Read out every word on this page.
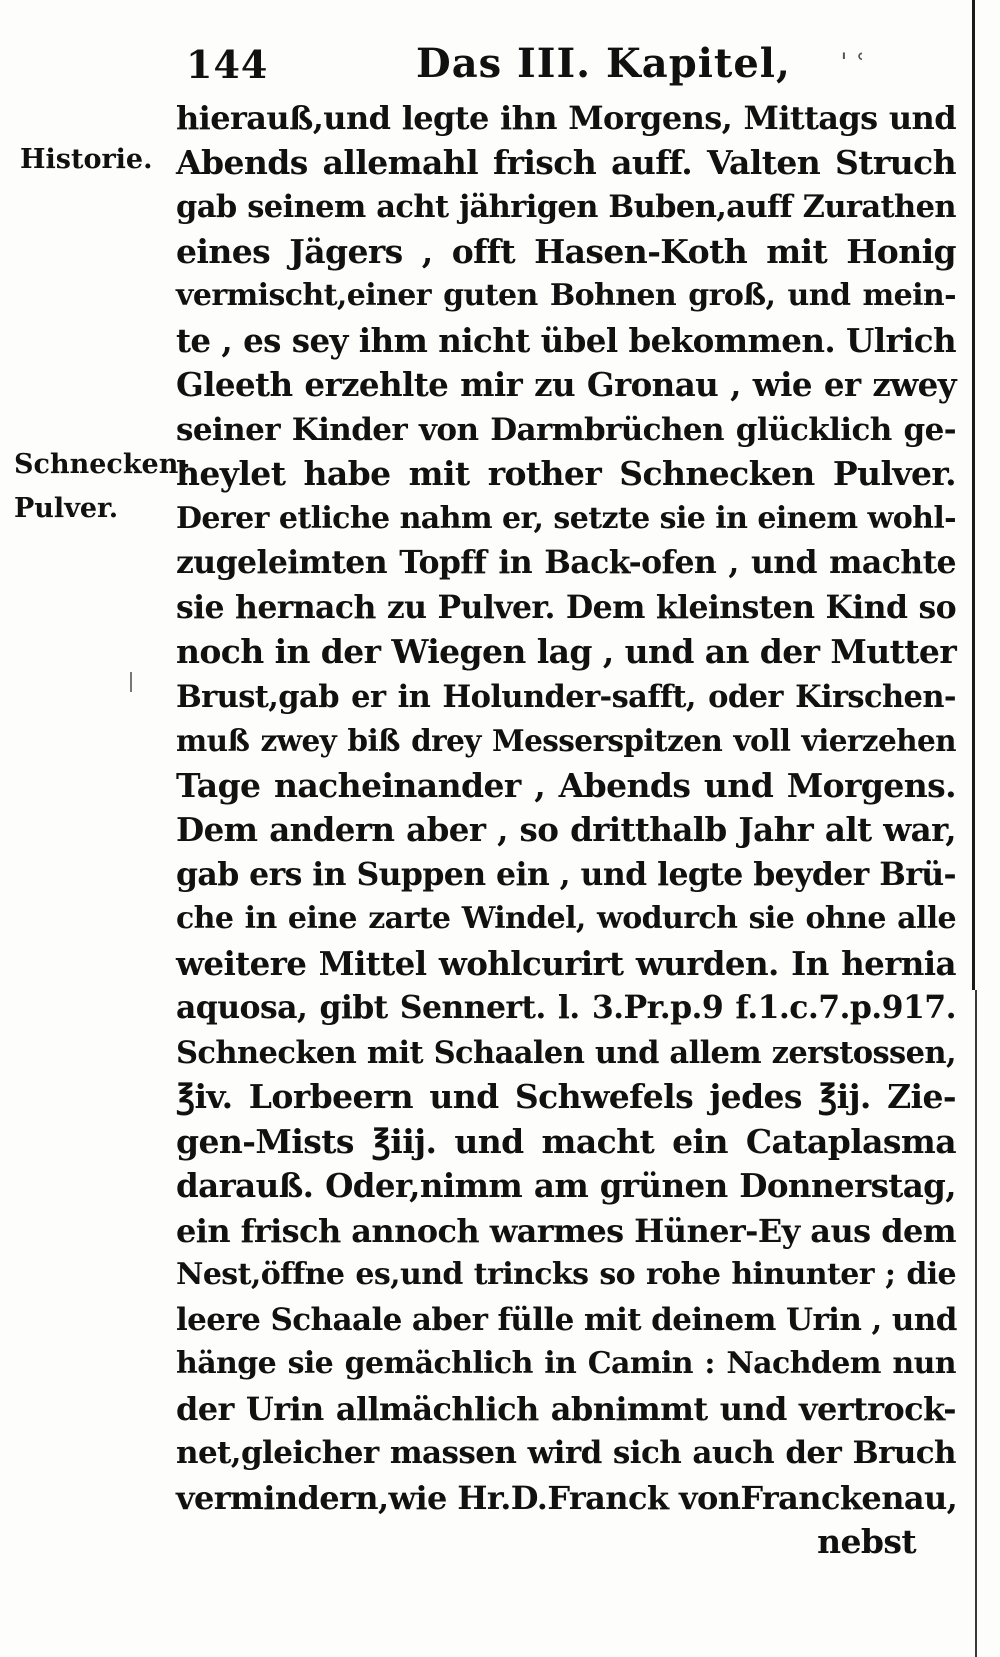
144	Das III. Kapitel, ˈ ʿ
Historie.
Schnecken-
Pulver.
hierauß,und legte ihn Morgens, Mittags und
Abends allemahl frisch auff. Valten Struch
gab seinem acht jährigen Buben,auff Zurathen
eines Jägers , offt Hasen-Koth mit Honig
vermischt,einer guten Bohnen groß, und mein-
te , es sey ihm nicht übel bekommen. Ulrich
Gleeth erzehlte mir zu Gronau , wie er zwey
seiner Kinder von Darmbrüchen glücklich ge-
heylet habe mit rother Schnecken Pulver.
Derer etliche nahm er, setzte sie in einem wohl-
zugeleimten Topff in Back-ofen , und machte
sie hernach zu Pulver. Dem kleinsten Kind so
noch in der Wiegen lag , und an der Mutter
Brust,gab er in Holunder-safft, oder Kirschen-
muß zwey biß drey Messerspitzen voll vierzehen
Tage nacheinander , Abends und Morgens.
Dem andern aber , so dritthalb Jahr alt war,
gab ers in Suppen ein , und legte beyder Brü-
che in eine zarte Windel, wodurch sie ohne alle
weitere Mittel wohlcurirt wurden. In hernia
aquosa, gibt Sennert. l. 3.Pr.p.9 f.1.c.7.p.917.
Schnecken mit Schaalen und allem zerstossen,
℥iv. Lorbeern und Schwefels jedes ℥ij. Zie-
gen-Mists ℥iij. und macht ein Cataplasma
darauß. Oder,nimm am grünen Donnerstag,
ein frisch annoch warmes Hüner-Ey aus dem
Nest,öffne es,und trincks so rohe hinunter ; die
leere Schaale aber fülle mit deinem Urin , und
hänge sie gemächlich in Camin : Nachdem nun
der Urin allmächlich abnimmt und vertrock-
net,gleicher massen wird sich auch der Bruch
vermindern,wie Hr.D.Franck vonFranckenau,
nebst
